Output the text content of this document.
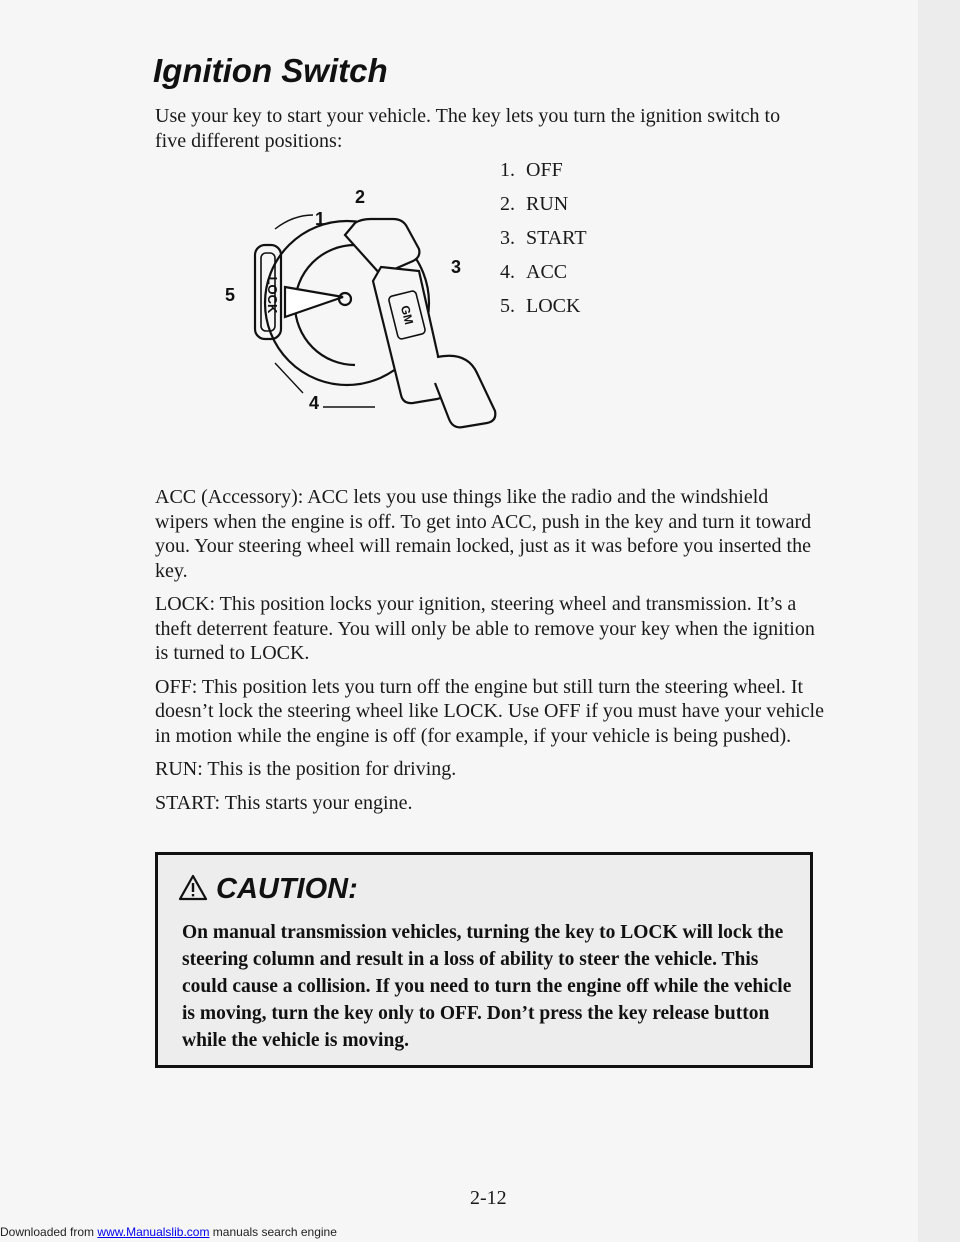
Ignition Switch

Use your key to start your vehicle. The key lets you turn the ignition switch to five different positions:

LOCK
GM
1
2
3
4
5
1. OFF
2. RUN
3. START
4. ACC
5. LOCK

ACC (Accessory): ACC lets you use things like the radio and the windshield wipers when the engine is off. To get into ACC, push in the key and turn it toward you. Your steering wheel will remain locked, just as it was before you inserted the key.

LOCK: This position locks your ignition, steering wheel and transmission. It’s a theft deterrent feature. You will only be able to remove your key when the ignition is turned to LOCK.

OFF: This position lets you turn off the engine but still turn the steering wheel. It doesn’t lock the steering wheel like LOCK. Use OFF if you must have your vehicle in motion while the engine is off (for example, if your vehicle is being pushed).

RUN: This is the position for driving.

START: This starts your engine.

CAUTION:

On manual transmission vehicles, turning the key to LOCK will lock the steering column and result in a loss of ability to steer the vehicle. This could cause a collision. If you need to turn the engine off while the vehicle is moving, turn the key only to OFF. Don’t press the key release button while the vehicle is moving.

2-12
Downloaded from www.Manualslib.com manuals search engine
